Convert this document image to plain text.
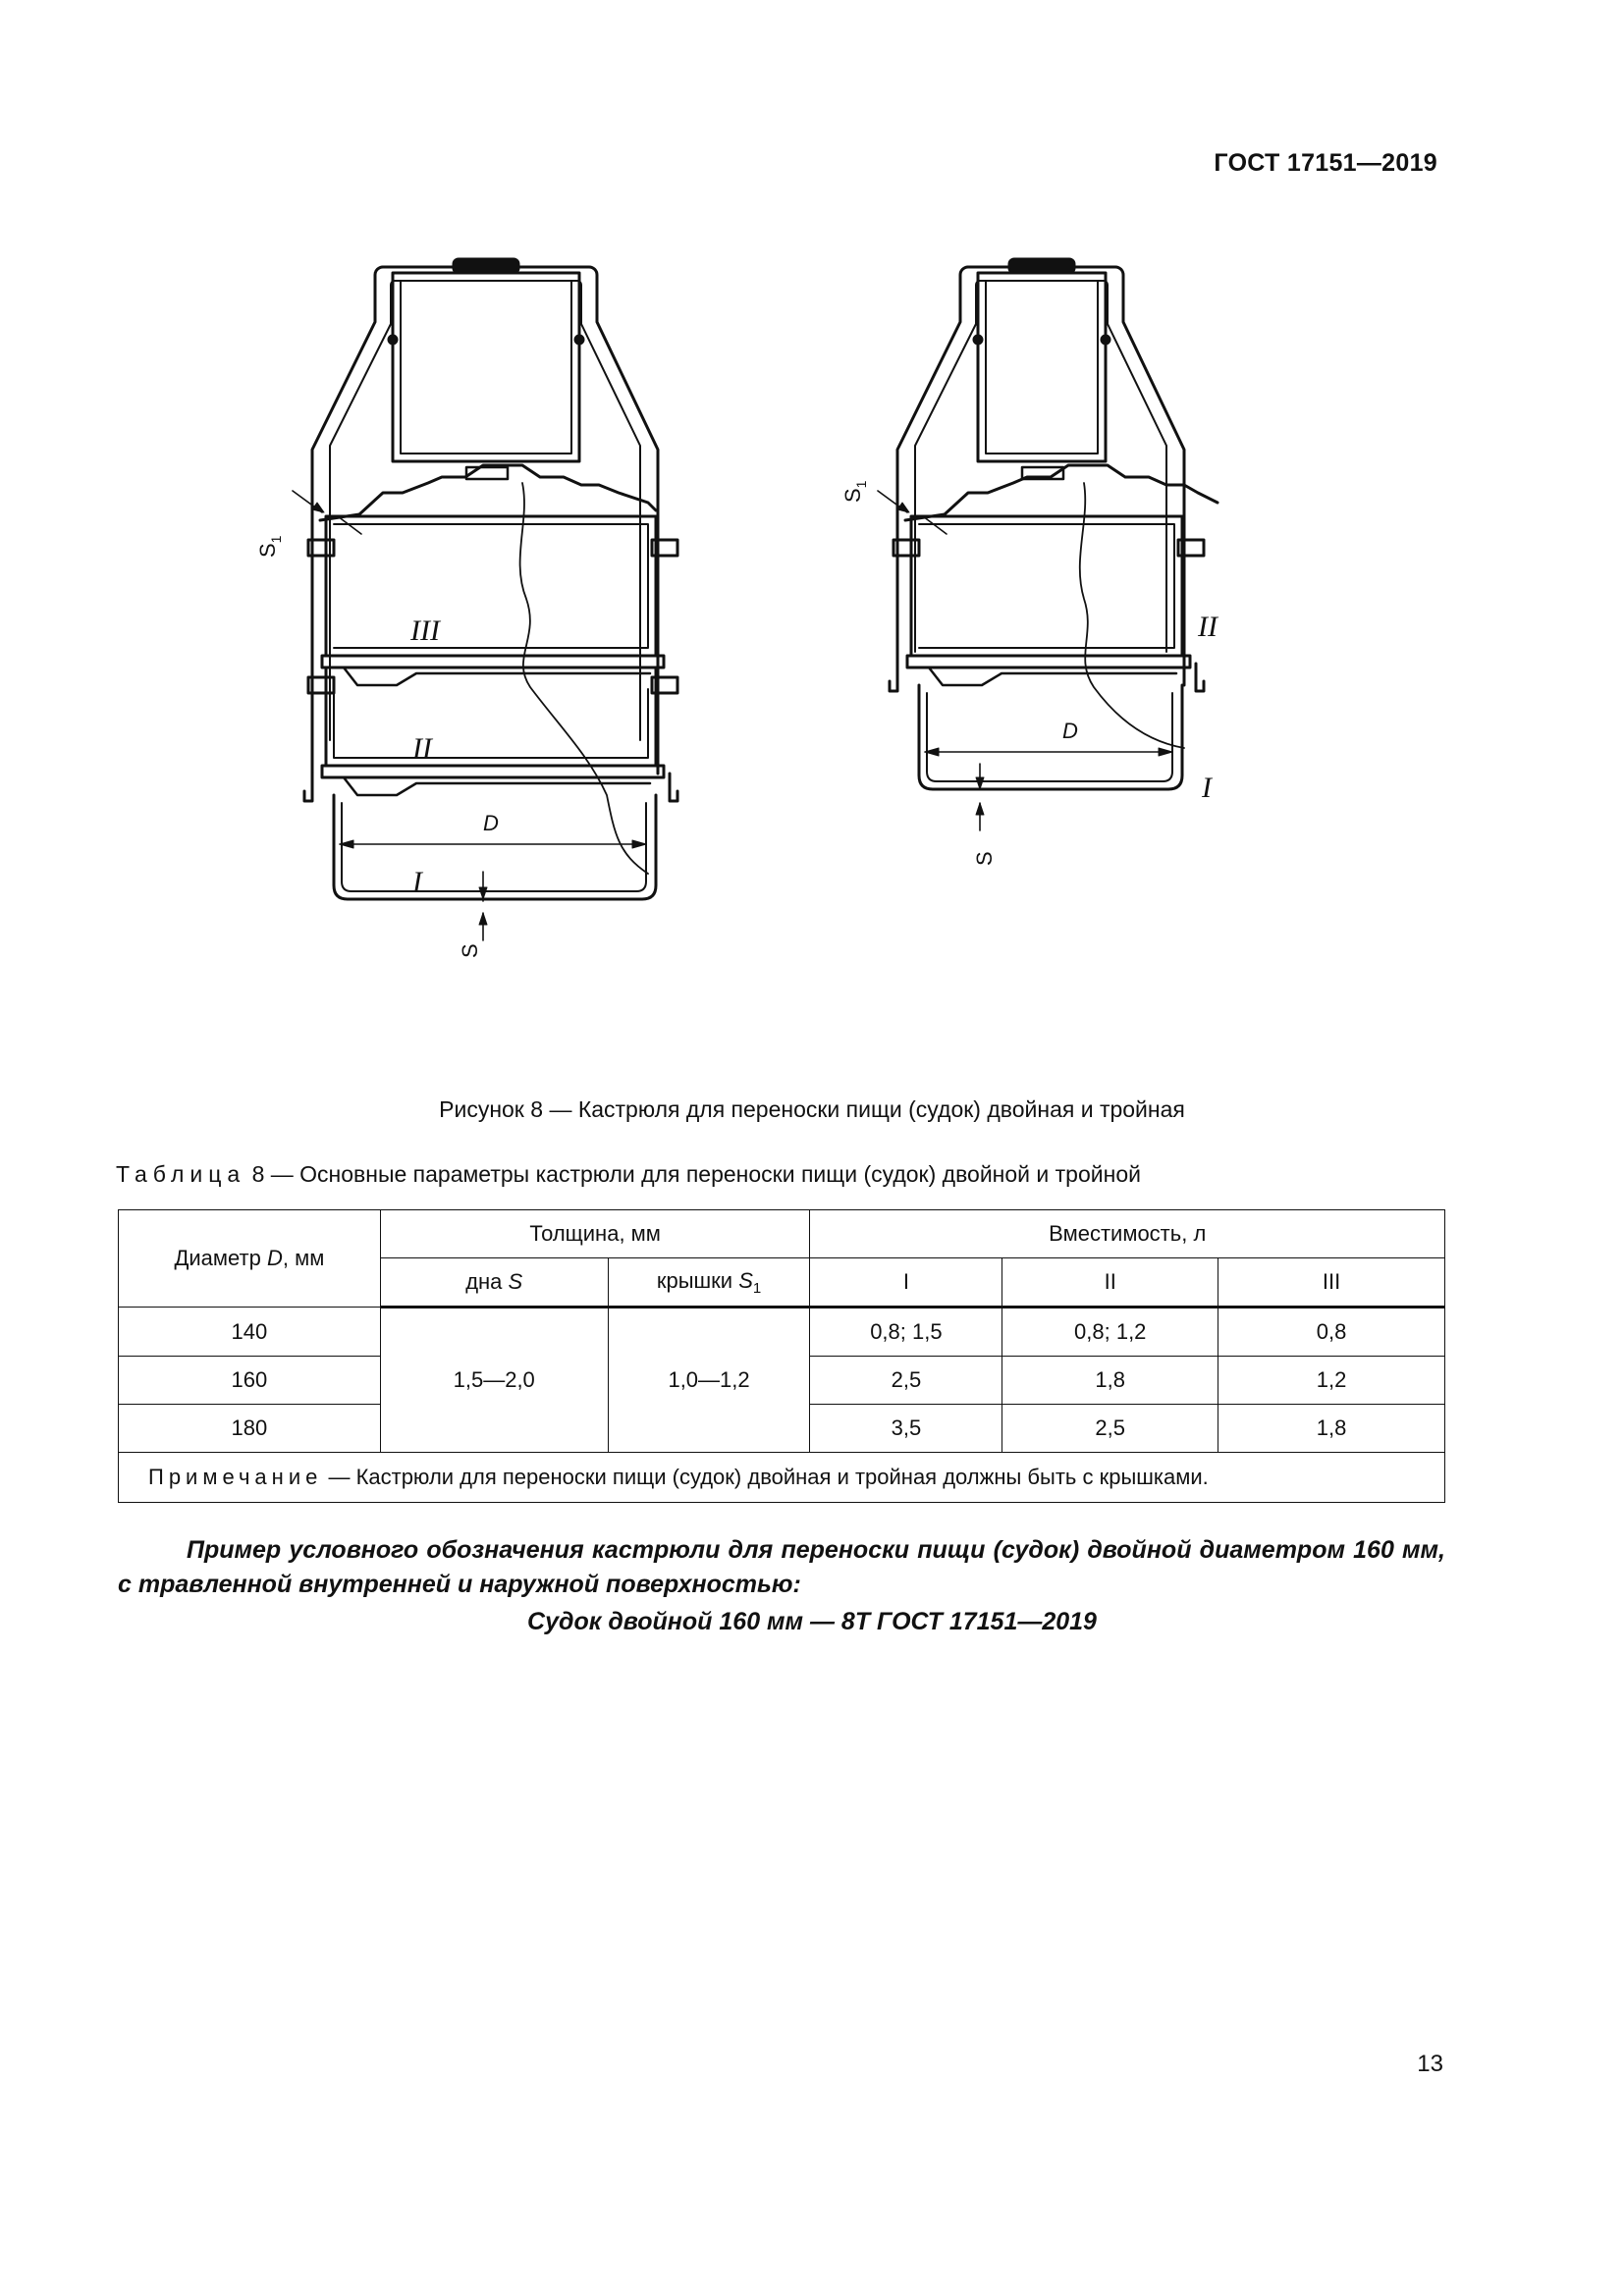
ГОСТ 17151—2019
$S_1$
III
II
I
D
S
$S_1$
II
I
D
S
Рисунок 8 — Кастрюля для переноски пищи (судок) двойная и тройная
Таблица 8 — Основные параметры кастрюли для переноски пищи (судок) двойной и тройной
Диаметр D, мм	Толщина, мм		Вместимость, л		
	дна S	крышки $S_1$	I	II	III
140	1,5—2,0	1,0—1,2	0,8; 1,5	0,8; 1,2	0,8
160			2,5	1,8	1,2
180			3,5	2,5	1,8
Примечание — Кастрюли для переноски пищи (судок) двойная и тройная должны быть с крышками.					
Пример условного обозначения кастрюли для переноски пищи (судок) двойной диаметром 160 мм, с травленной внутренней и наружной поверхностью:
Судок двойной 160 мм — 8Т ГОСТ 17151—2019
13
